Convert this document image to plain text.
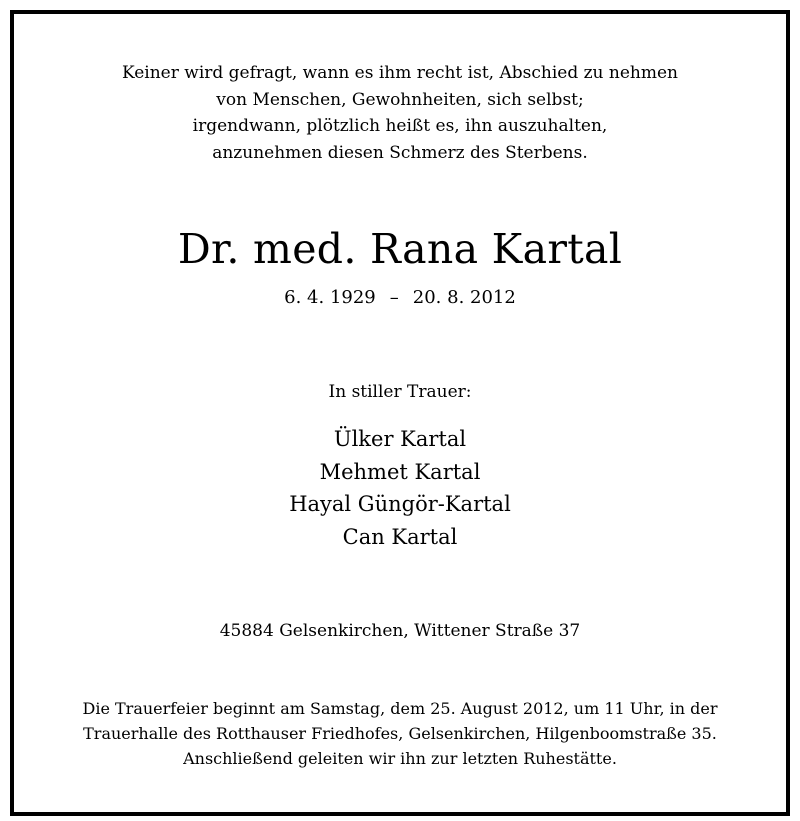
Keiner wird gefragt, wann es ihm recht ist, Abschied zu nehmen
von Menschen, Gewohnheiten, sich selbst;
irgendwann, plötzlich heißt es, ihn auszuhalten,
anzunehmen diesen Schmerz des Sterbens.
Dr. med. Rana Kartal
6. 4. 1929 – 20. 8. 2012
In stiller Trauer:
Ülker Kartal
Mehmet Kartal
Hayal Güngör-Kartal
Can Kartal
45884 Gelsenkirchen, Wittener Straße 37
Die Trauerfeier beginnt am Samstag, dem 25. August 2012, um 11 Uhr, in der
Trauerhalle des Rotthauser Friedhofes, Gelsenkirchen, Hilgenboomstraße 35.
Anschließend geleiten wir ihn zur letzten Ruhestätte.
